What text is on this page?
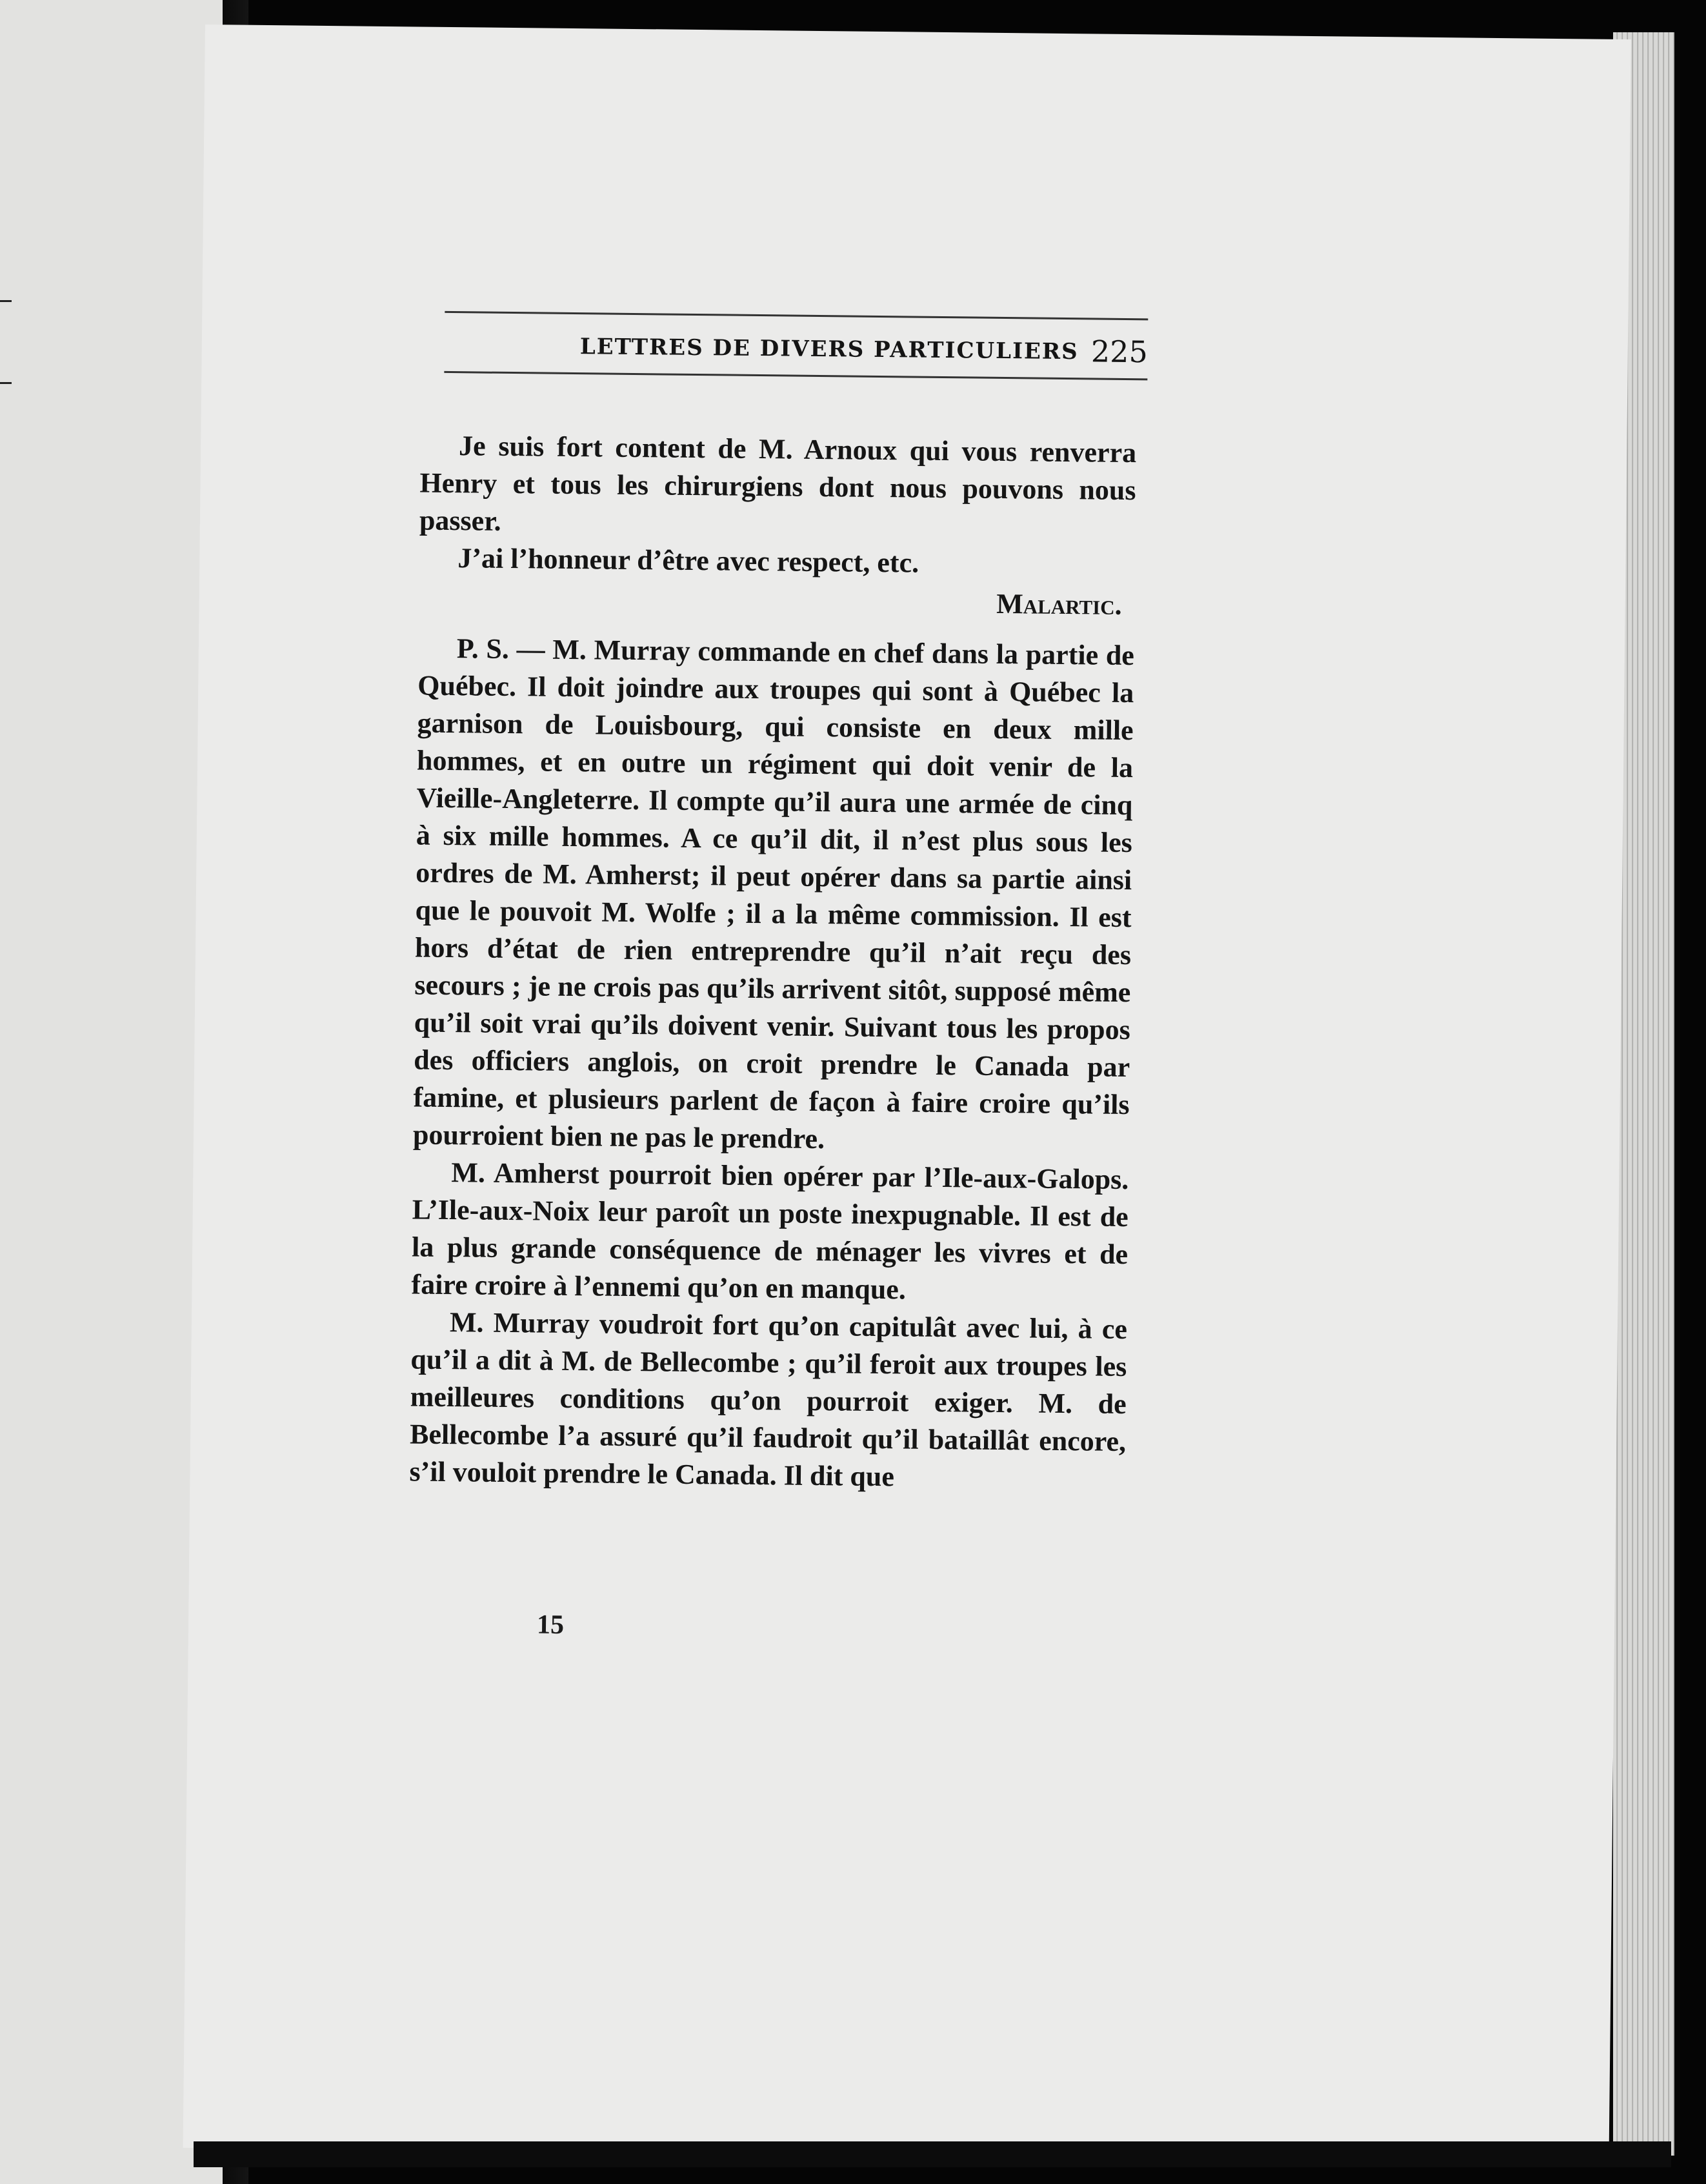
LETTRES DE DIVERS PARTICULIERS 225

Je suis fort content de M. Arnoux qui vous renverra Henry et tous les chirurgiens dont nous pouvons nous passer.

J’ai l’honneur d’être avec respect, etc.

Malartic.

P. S. — M. Murray commande en chef dans la partie de Québec. Il doit joindre aux troupes qui sont à Québec la garnison de Louisbourg, qui consiste en deux mille hommes, et en outre un régiment qui doit venir de la Vieille-Angleterre. Il compte qu’il aura une armée de cinq à six mille hommes. A ce qu’il dit, il n’est plus sous les ordres de M. Amherst; il peut opérer dans sa partie ainsi que le pouvoit M. Wolfe ; il a la même commission. Il est hors d’état de rien entreprendre qu’il n’ait reçu des secours ; je ne crois pas qu’ils arrivent sitôt, supposé même qu’il soit vrai qu’ils doivent venir. Suivant tous les propos des officiers anglois, on croit prendre le Canada par famine, et plusieurs parlent de façon à faire croire qu’ils pourroient bien ne pas le prendre.

M. Amherst pourroit bien opérer par l’Ile-aux-Galops. L’Ile-aux-Noix leur paroît un poste inexpugnable. Il est de la plus grande conséquence de ménager les vivres et de faire croire à l’ennemi qu’on en manque.

M. Murray voudroit fort qu’on capitulât avec lui, à ce qu’il a dit à M. de Bellecombe ; qu’il feroit aux troupes les meilleures conditions qu’on pourroit exiger. M. de Bellecombe l’a assuré qu’il faudroit qu’il bataillât encore, s’il vouloit prendre le Canada. Il dit que

15
